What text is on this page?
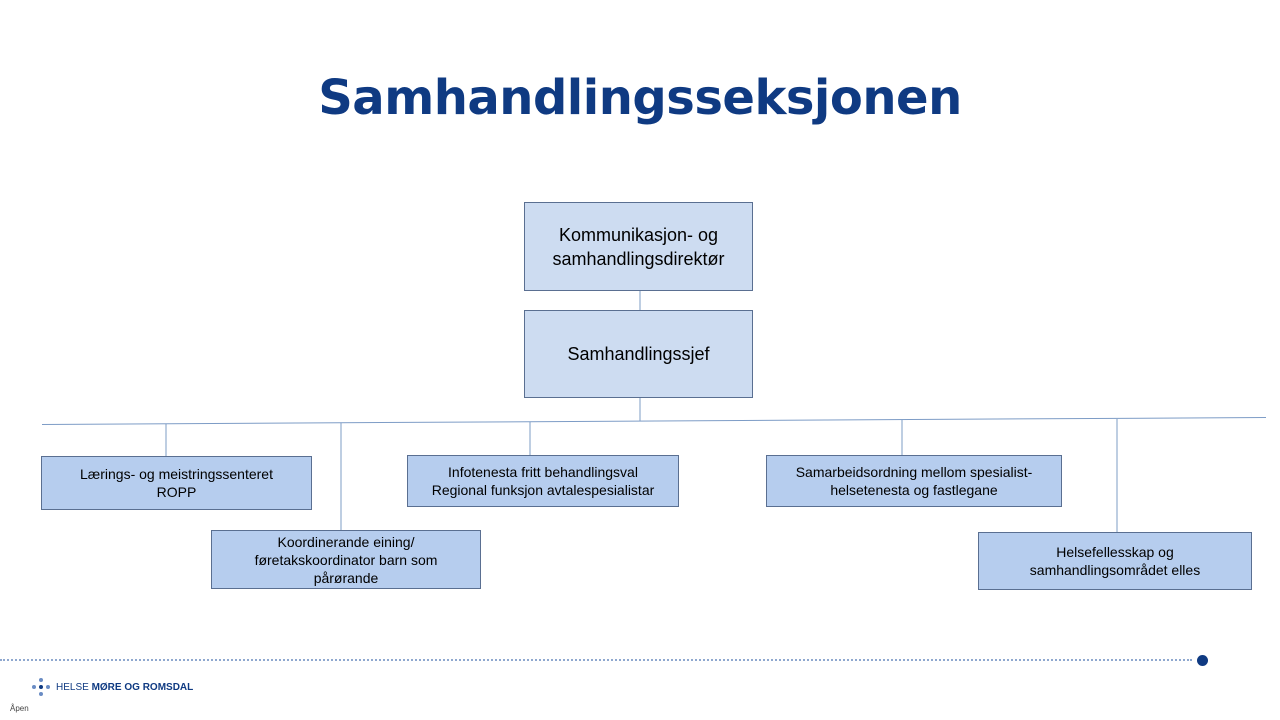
Samhandlingsseksjonen
Kommunikasjon- og
samhandlingsdirektør
Samhandlingssjef
Lærings- og meistringssenteret
ROPP
Koordinerande eining/
føretakskoordinator barn som
pårørande
Infotenesta fritt behandlingsval
Regional funksjon avtalespesialistar
Samarbeidsordning mellom spesialist-
helsetenesta og fastlegane
Helsefellesskap og
samhandlingsområdet elles
HELSE MØRE OG ROMSDAL
Åpen
